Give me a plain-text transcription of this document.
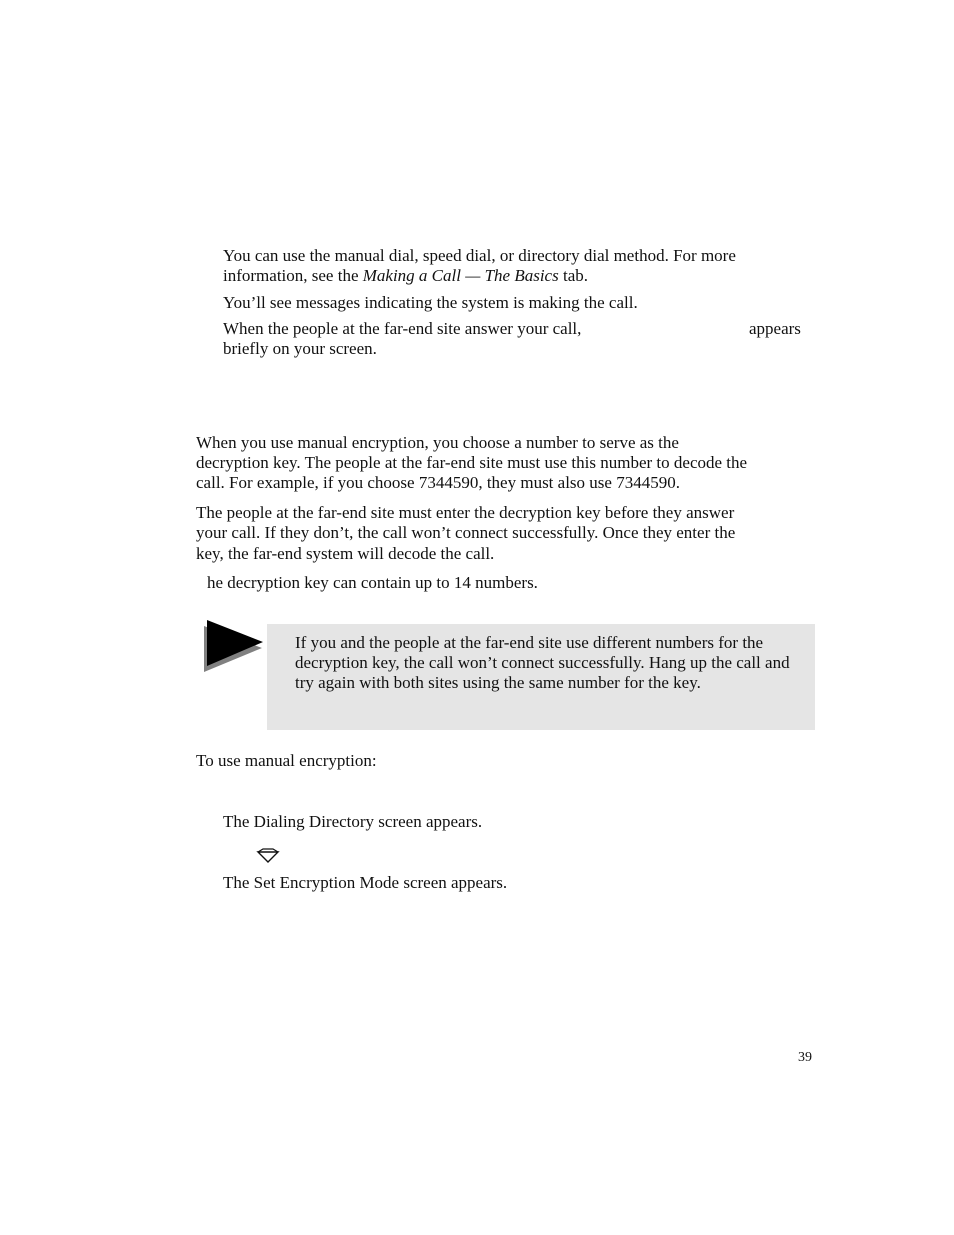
You can use the manual dial, speed dial, or directory dial method. For more

information, see the Making a Call — The Basics tab.

You’ll see messages indicating the system is making the call.

When the people at the far-end site answer your call,	appears

briefly on your screen.

When you use manual encryption, you choose a number to serve as the

decryption key. The people at the far-end site must use this number to decode the

call. For example, if you choose 7344590, they must also use 7344590.

The people at the far-end site must enter the decryption key before they answer

your call. If they don’t, the call won’t connect successfully. Once they enter the

key, the far-end system will decode the call.

he decryption key can contain up to 14 numbers.

If you and the people at the far-end site use different numbers for the decryption key, the call won’t connect successfully. Hang up the call and try again with both sites using the same number for the key.

To use manual encryption:

The Dialing Directory screen appears.

The Set Encryption Mode screen appears.

39
